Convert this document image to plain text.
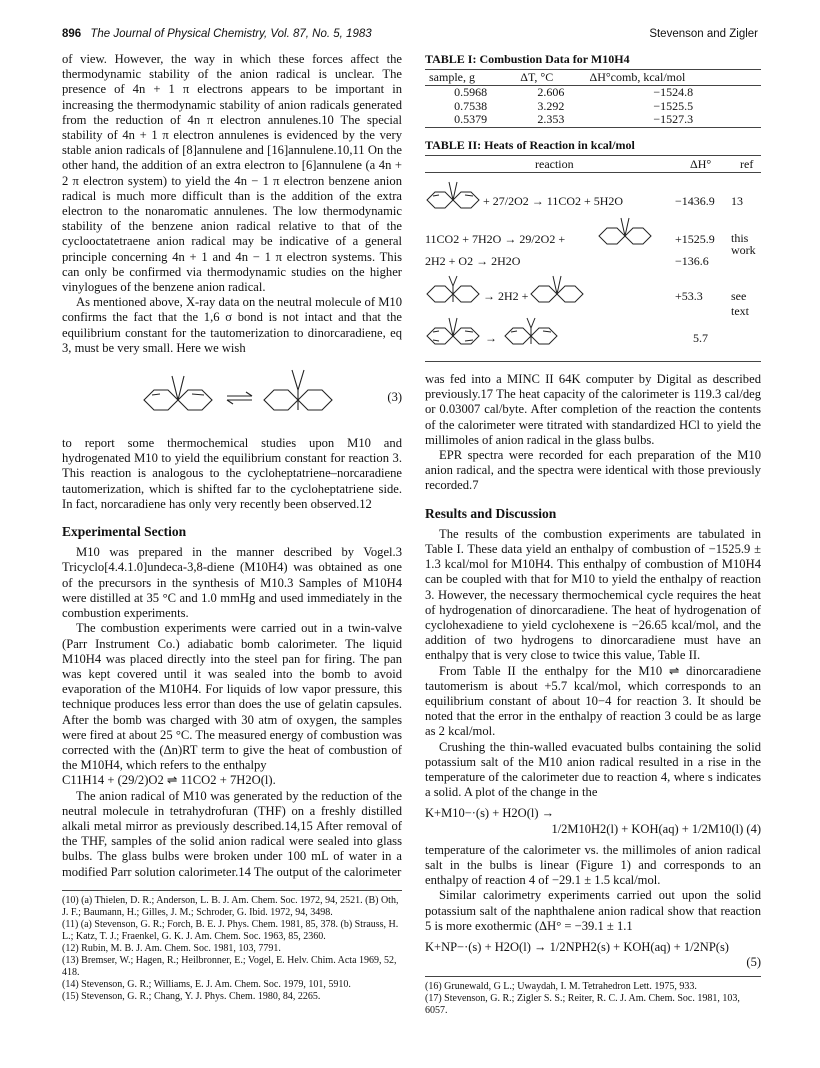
896 The Journal of Physical Chemistry, Vol. 87, No. 5, 1983	Stevenson and Zigler

of view. However, the way in which these forces affect the thermodynamic stability of the anion radical is unclear. The presence of 4n + 1 π electrons appears to be important in increasing the thermodynamic stability of anion radicals generated from the reduction of 4n π electron annulenes.10 The special stability of 4n + 1 π electron annulenes is evidenced by the very stable anion radicals of [8]annulene and [16]annulene.10,11 On the other hand, the addition of an extra electron to [6]annulene (a 4n + 2 π electron system) to yield the 4n − 1 π electron benzene anion radical is much more difficult than is the addition of the extra electron to the nonaromatic annulenes. The low thermodynamic stability of the benzene anion radical relative to that of the cyclooctatetraene anion radical may be indicative of a general principle concerning 4n + 1 and 4n − 1 π electron systems. This can only be confirmed via thermodynamic studies on the higher vinylogues of the benzene anion radical.

As mentioned above, X-ray data on the neutral molecule of M10 confirms the fact that the 1,6 σ bond is not intact and that the equilibrium constant for the tautomerization to dinorcaradiene, eq 3, must be very small. Here we wish

(3)

to report some thermochemical studies upon M10 and hydrogenated M10 to yield the equilibrium constant for reaction 3. This reaction is analogous to the cycloheptatriene–norcaradiene tautomerization, which is shifted far to the cycloheptatriene side. In fact, norcaradiene has only very recently been observed.12

Experimental Section

M10 was prepared in the manner described by Vogel.3 Tricyclo[4.4.1.0]undeca-3,8-diene (M10H4) was obtained as one of the precursors in the synthesis of M10.3 Samples of M10H4 were distilled at 35 °C and 1.0 mmHg and used immediately in the combustion experiments.

The combustion experiments were carried out in a twin-valve (Parr Instrument Co.) adiabatic bomb calorimeter. The liquid M10H4 was placed directly into the steel pan for firing. The pan was kept covered until it was sealed into the bomb to avoid evaporation of the M10H4. For liquids of low vapor pressure, this technique produces less error than does the use of gelatin capsules. After the bomb was charged with 30 atm of oxygen, the samples were fired at about 25 °C. The measured energy of combustion was corrected with the (Δn)RT term to give the heat of combustion of the M10H4, which refers to the enthalpy

C11H14 + (29/2)O2 ⇌ 11CO2 + 7H2O(l).

The anion radical of M10 was generated by the reduction of the neutral molecule in tetrahydrofuran (THF) on a freshly distilled alkali metal mirror as previously described.14,15 After removal of the THF, samples of the solid anion radical were sealed into glass bulbs. The glass bulbs were broken under 100 mL of water in a modified Parr solution calorimeter.14 The output of the calorimeter

(10) (a) Thielen, D. R.; Anderson, L. B. J. Am. Chem. Soc. 1972, 94, 2521. (B) Oth, J. F.; Baumann, H.; Gilles, J. M.; Schroder, G. Ibid. 1972, 94, 3498.
(11) (a) Stevenson, G. R.; Forch, B. E. J. Phys. Chem. 1981, 85, 378. (b) Strauss, H. L.; Katz, T. J.; Fraenkel, G. K. J. Am. Chem. Soc. 1963, 85, 2360.
(12) Rubin, M. B. J. Am. Chem. Soc. 1981, 103, 7791.
(13) Bremser, W.; Hagen, R.; Heilbronner, E.; Vogel, E. Helv. Chim. Acta 1969, 52, 418.
(14) Stevenson, G. R.; Williams, E. J. Am. Chem. Soc. 1979, 101, 5910.
(15) Stevenson, G. R.; Chang, Y. J. Phys. Chem. 1980, 84, 2265.
TABLE I: Combustion Data for M10H4
sample, g	ΔT, °C	ΔH°comb, kcal/mol
0.5968	2.606	−1524.8
0.7538	3.292	−1525.5
0.5379	2.353	−1527.3
TABLE II: Heats of Reaction in kcal/mol
reaction	ΔH° ref
+ 27/2O2 → 11CO2 + 5H2O	−1436.9	13
11CO2 + 7H2O → 29/2O2 +	+1525.9	this work
2H2 + O2 → 2H2O	−136.6
→ 2H2 +	+53.3	see text
→	5.7

was fed into a MINC II 64K computer by Digital as described previously.17 The heat capacity of the calorimeter is 119.3 cal/deg or 0.03007 cal/byte. After completion of the reaction the contents of the calorimeter were titrated with standardized HCl to yield the millimoles of anion radical in the glass bulbs.

EPR spectra were recorded for each preparation of the M10 anion radical, and the spectra were identical with those previously recorded.7

Results and Discussion

The results of the combustion experiments are tabulated in Table I. These data yield an enthalpy of combustion of −1525.9 ± 1.3 kcal/mol for M10H4. This enthalpy of combustion of M10H4 can be coupled with that for M10 to yield the enthalpy of reaction 3. However, the necessary thermochemical cycle requires the heat of hydrogenation of dinorcaradiene. The heat of hydrogenation of cyclohexadiene to yield cyclohexene is −26.65 kcal/mol, and the addition of two hydrogens to dinorcaradiene must have an enthalpy that is very close to twice this value, Table II.

From Table II the enthalpy for the M10 ⇌ dinorcaradiene tautomerism is about +5.7 kcal/mol, which corresponds to an equilibrium constant of about 10−4 for reaction 3. It should be noted that the error in the enthalpy of reaction 3 could be as large as 2 kcal/mol.

Crushing the thin-walled evacuated bulbs containing the solid potassium salt of the M10 anion radical resulted in a rise in the temperature of the calorimeter due to reaction 4, where s indicates a solid. A plot of the change in the

K+M10−·(s) + H2O(l) →
1/2M10H2(l) + KOH(aq) + 1/2M10(l) (4)

temperature of the calorimeter vs. the millimoles of anion radical salt in the bulbs is linear (Figure 1) and corresponds to an enthalpy of reaction 4 of −29.1 ± 1.5 kcal/mol.

Similar calorimetry experiments carried out upon the solid potassium salt of the naphthalene anion radical show that reaction 5 is more exothermic (ΔH° = −39.1 ± 1.1

K+NP−·(s) + H2O(l) → 1/2NPH2(s) + KOH(aq) + 1/2NP(s)
(5)
(16) Grunewald, G L.; Uwaydah, I. M. Tetrahedron Lett. 1975, 933.
(17) Stevenson, G. R.; Zigler S. S.; Reiter, R. C. J. Am. Chem. Soc. 1981, 103, 6057.
